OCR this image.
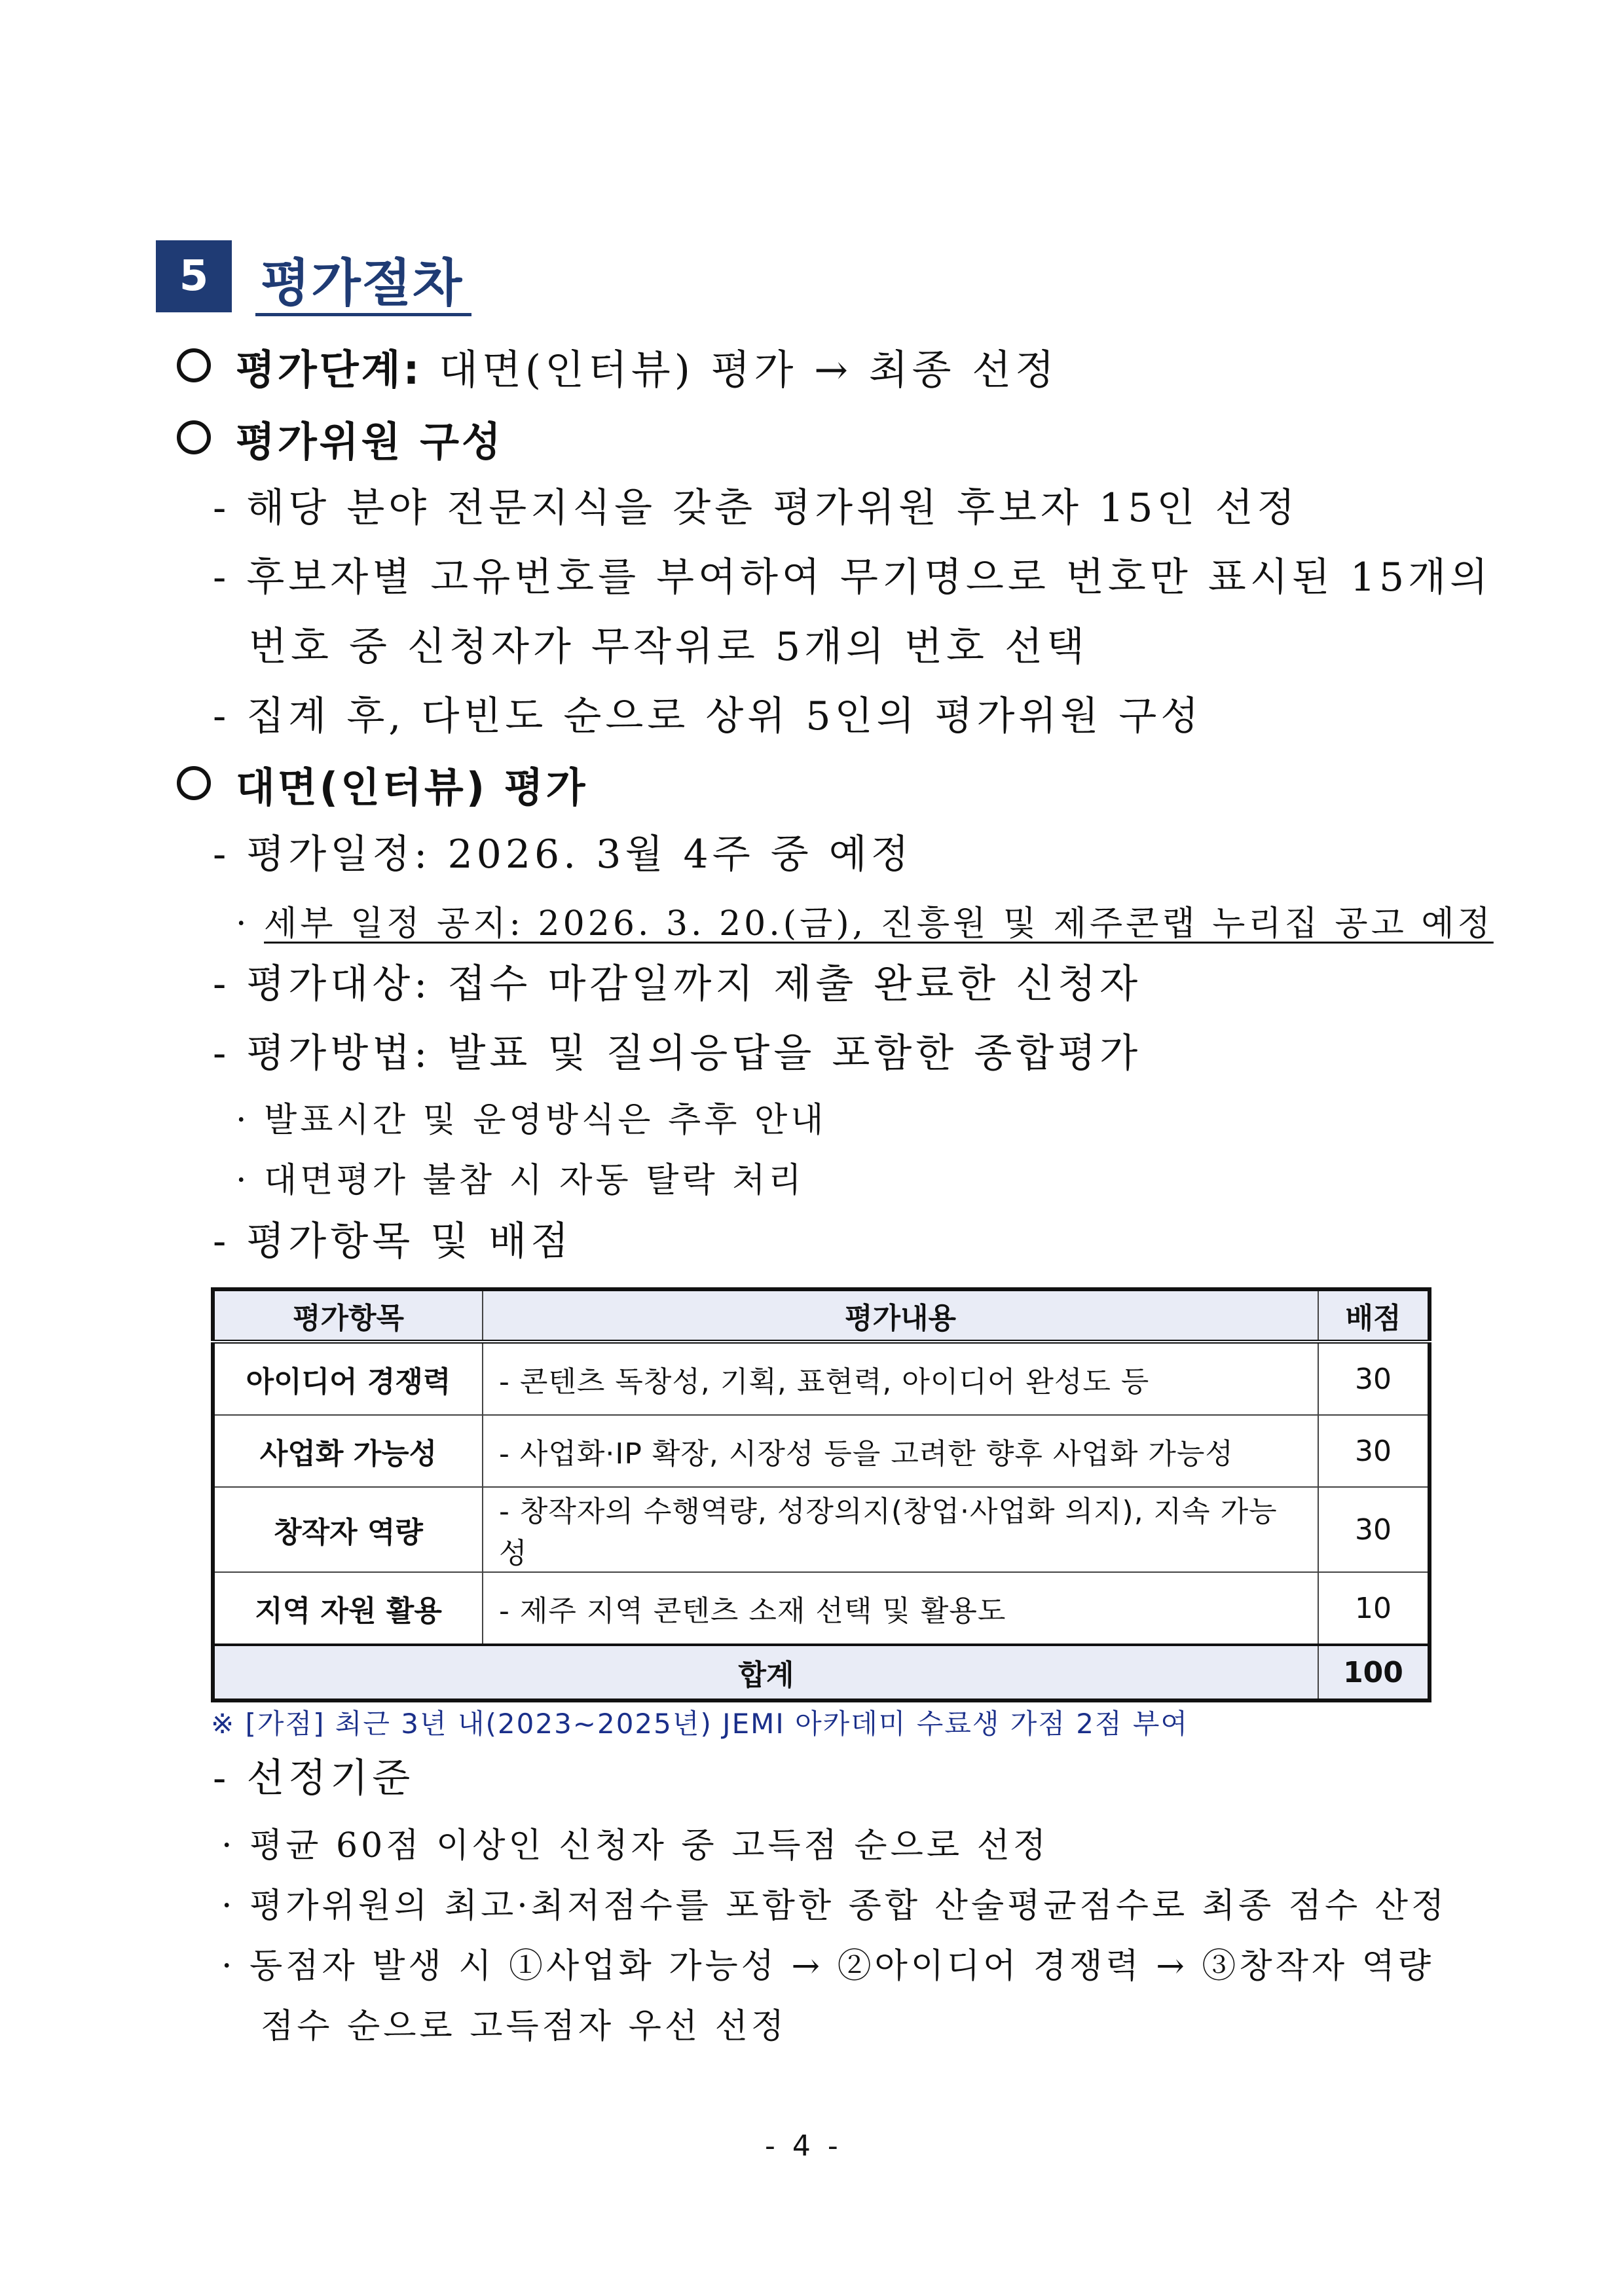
5	평가절차
평가단계: 대면(인터뷰) 평가 → 최종 선정
평가위원 구성
- 해당 분야 전문지식을 갖춘 평가위원 후보자 15인 선정
- 후보자별 고유번호를 부여하여 무기명으로 번호만 표시된 15개의
번호 중 신청자가 무작위로 5개의 번호 선택
- 집계 후, 다빈도 순으로 상위 5인의 평가위원 구성
대면(인터뷰) 평가
- 평가일정: 2026. 3월 4주 중 예정
· 세부 일정 공지: 2026. 3. 20.(금), 진흥원 및 제주콘랩 누리집 공고 예정
- 평가대상: 접수 마감일까지 제출 완료한 신청자
- 평가방법: 발표 및 질의응답을 포함한 종합평가
· 발표시간 및 운영방식은 추후 안내
· 대면평가 불참 시 자동 탈락 처리
- 평가항목 및 배점
평가항목	평가내용	배점
아이디어 경쟁력	- 콘텐츠 독창성, 기획, 표현력, 아이디어 완성도 등	30
사업화 가능성	- 사업화·IP 확장, 시장성 등을 고려한 향후 사업화 가능성	30
창작자 역량	- 창작자의 수행역량, 성장의지(창업·사업화 의지), 지속 가능성	30
지역 자원 활용	- 제주 지역 콘텐츠 소재 선택 및 활용도	10
합계		100
※ [가점] 최근 3년 내(2023~2025년) JEMI 아카데미 수료생 가점 2점 부여
- 선정기준
· 평균 60점 이상인 신청자 중 고득점 순으로 선정
· 평가위원의 최고·최저점수를 포함한 종합 산술평균점수로 최종 점수 산정
· 동점자 발생 시 ①사업화 가능성 → ②아이디어 경쟁력 → ③창작자 역량
점수 순으로 고득점자 우선 선정
- 4 -
